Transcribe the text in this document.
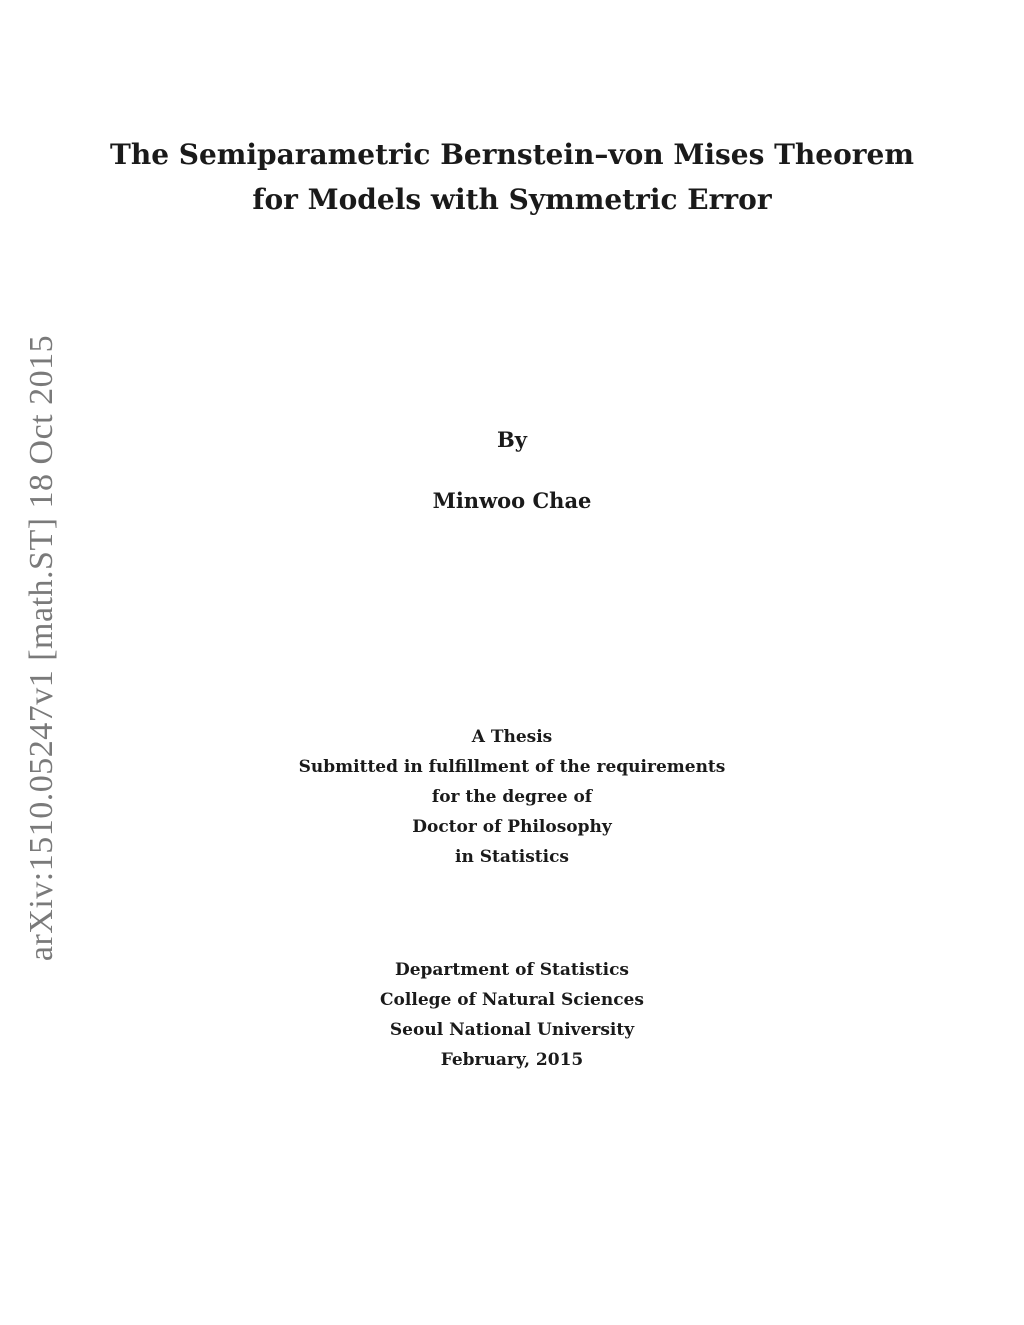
arXiv:1510.05247v1 [math.ST] 18 Oct 2015
The Semiparametric Bernstein–von Mises Theorem
for Models with Symmetric Error
By
Minwoo Chae
A Thesis
Submitted in fulfillment of the requirements
for the degree of
Doctor of Philosophy
in Statistics
Department of Statistics
College of Natural Sciences
Seoul National University
February, 2015
